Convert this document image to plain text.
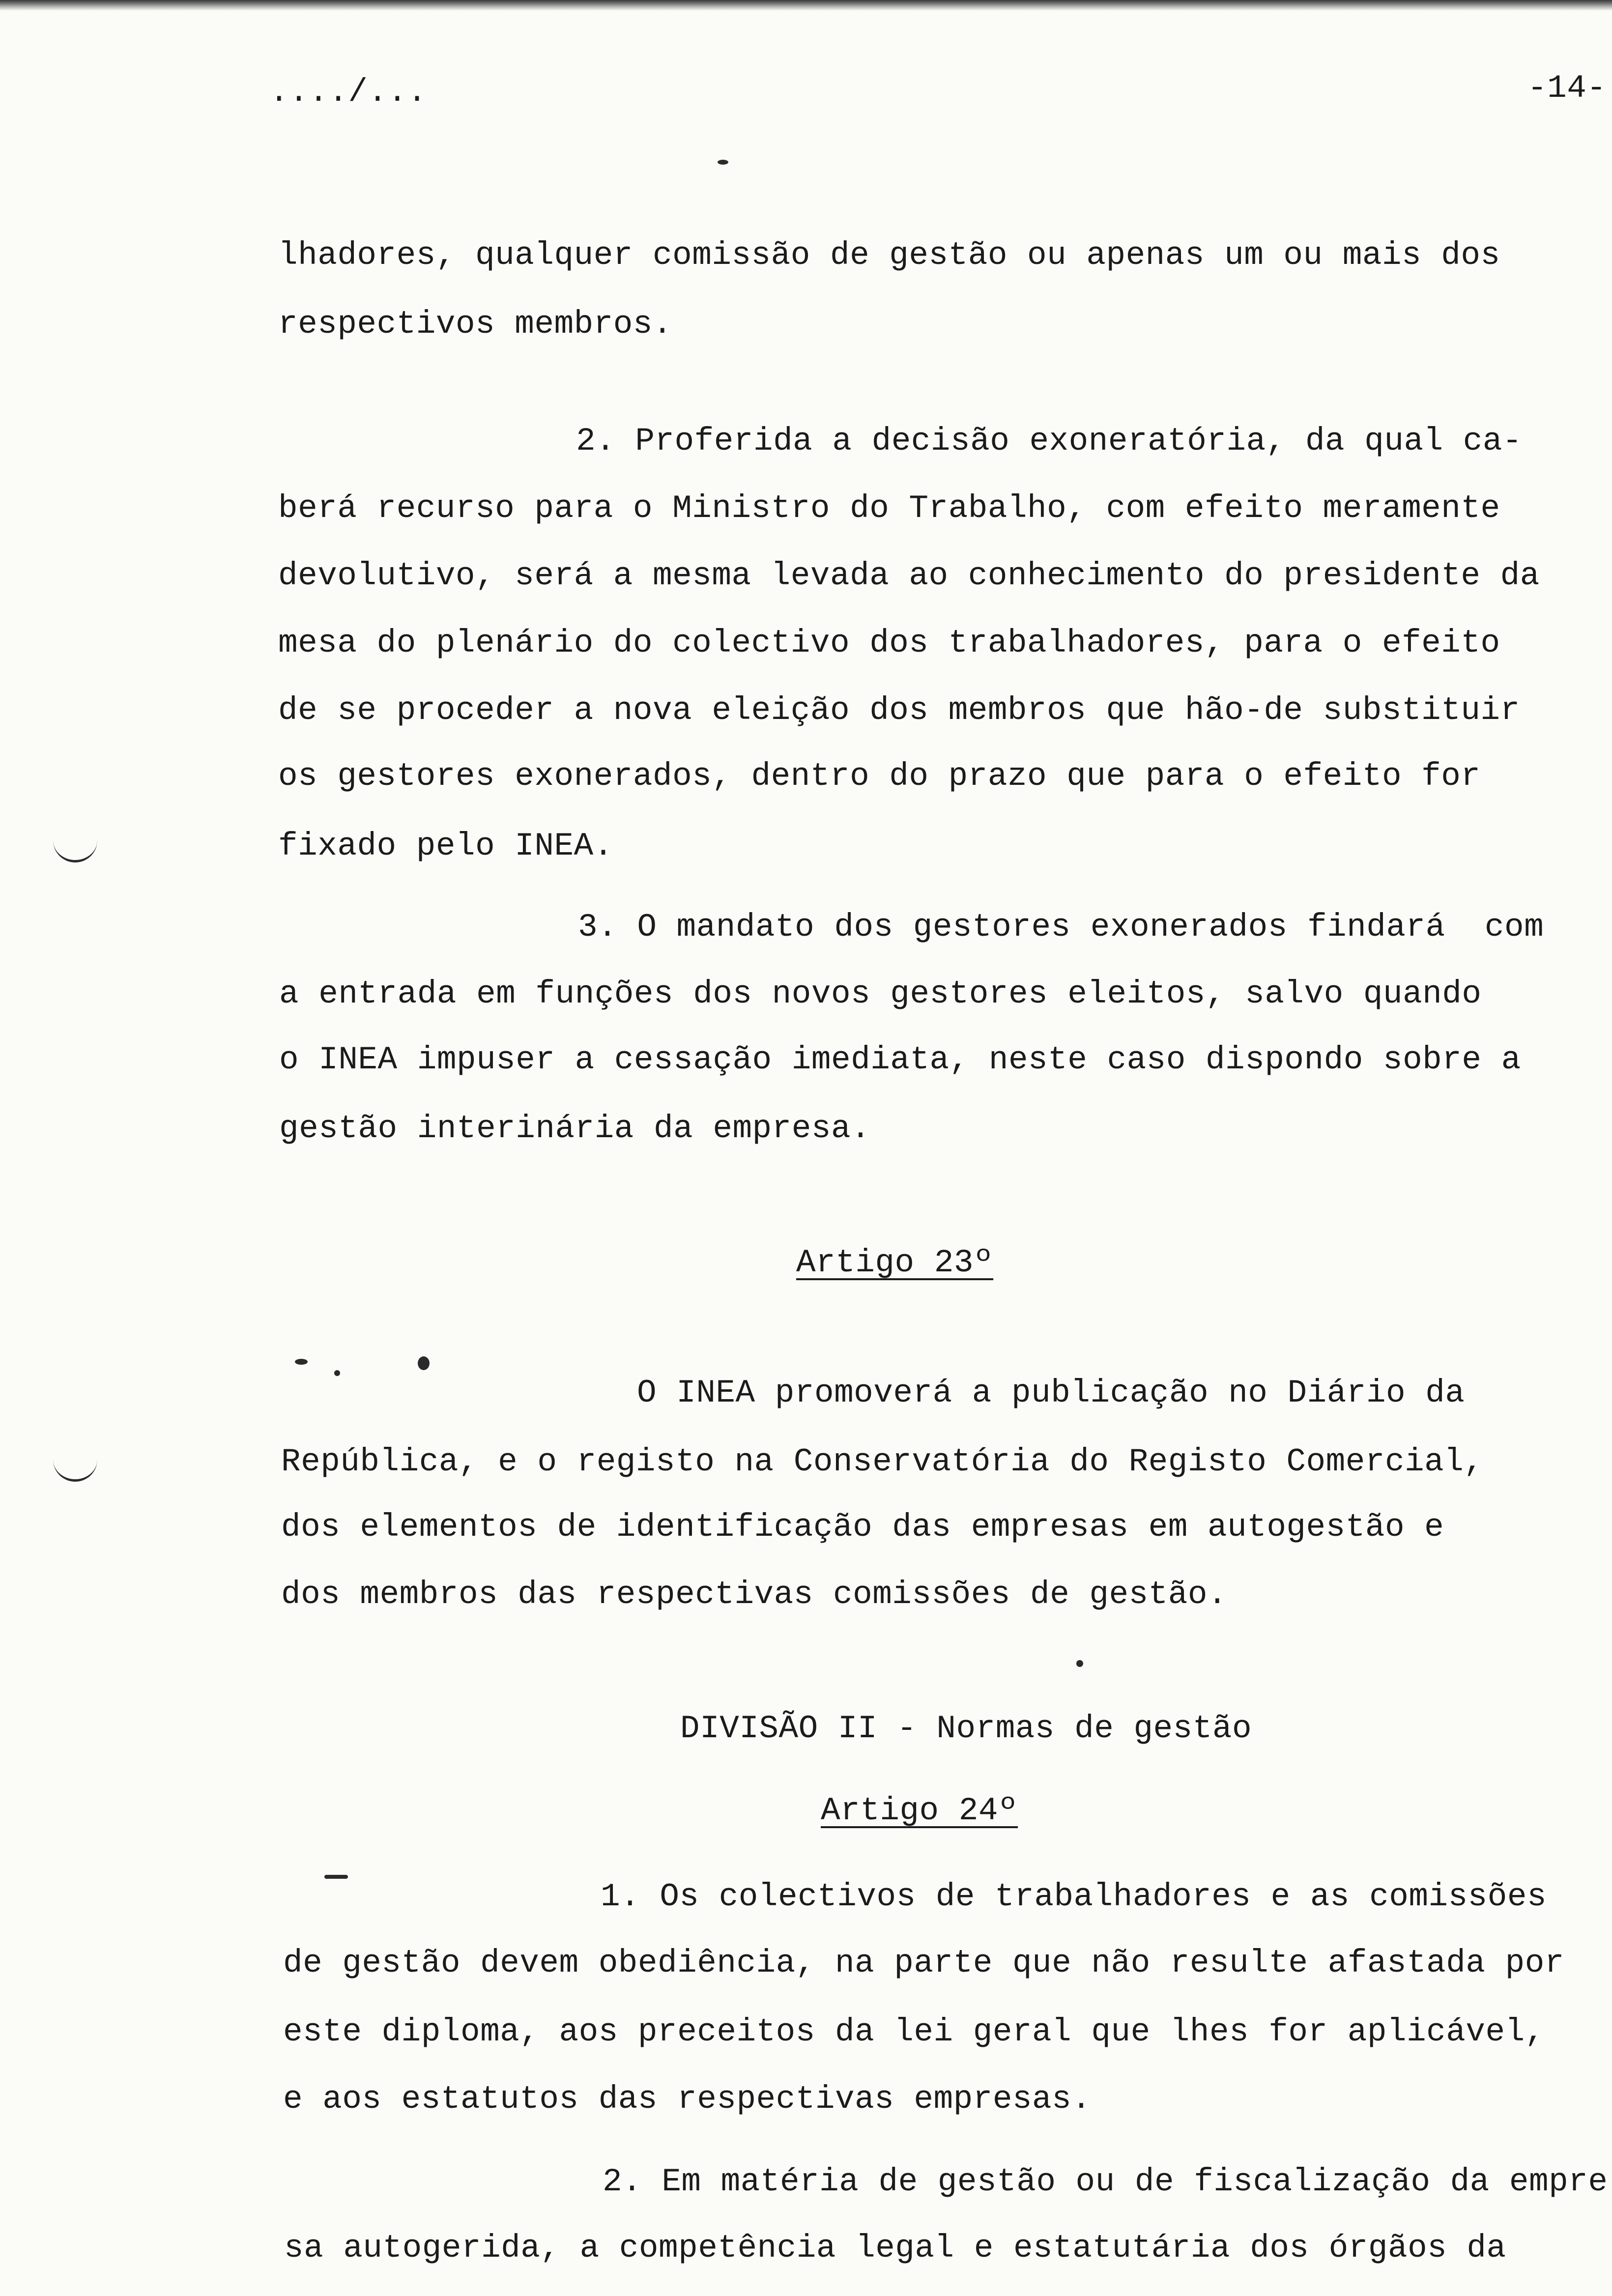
..../...	-14-
lhadores, qualquer comissão de gestão ou apenas um ou mais dos
respectivos membros.
2. Proferida a decisão exoneratória, da qual ca-
berá recurso para o Ministro do Trabalho, com efeito meramente
devolutivo, será a mesma levada ao conhecimento do presidente da
mesa do plenário do colectivo dos trabalhadores, para o efeito
de se proceder a nova eleição dos membros que hão-de substituir
os gestores exonerados, dentro do prazo que para o efeito for
fixado pelo INEA.
3. O mandato dos gestores exonerados findará  com
a entrada em funções dos novos gestores eleitos, salvo quando
o INEA impuser a cessação imediata, neste caso dispondo sobre a
gestão interinária da empresa.
Artigo 23º
O INEA promoverá a publicação no Diário da
República, e o registo na Conservatória do Registo Comercial,
dos elementos de identificação das empresas em autogestão e
dos membros das respectivas comissões de gestão.
DIVISÃO II - Normas de gestão
Artigo 24º
1. Os colectivos de trabalhadores e as comissões
de gestão devem obediência, na parte que não resulte afastada por
este diploma, aos preceitos da lei geral que lhes for aplicável,
e aos estatutos das respectivas empresas.
2. Em matéria de gestão ou de fiscalização da empre
sa autogerida, a competência legal e estatutária dos órgãos da
